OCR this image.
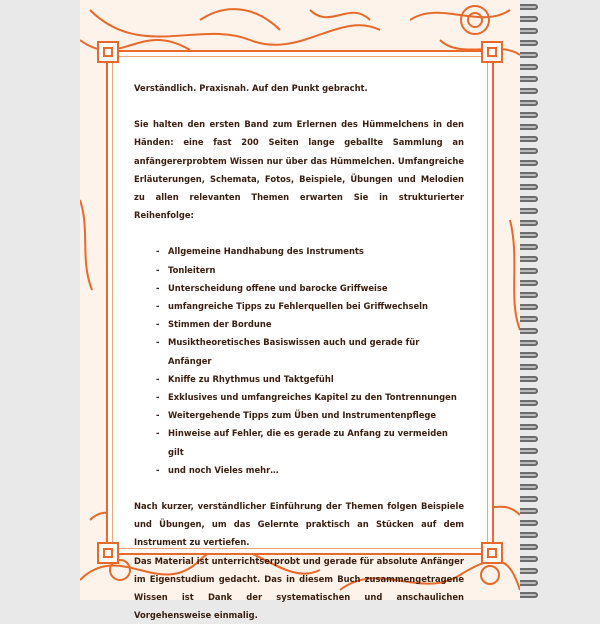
Verständlich. Praxisnah. Auf den Punkt gebracht.

Sie halten den ersten Band zum Erlernen des Hümmelchens in den Händen: eine fast 200 Seiten lange geballte Sammlung an anfängererprobtem Wissen nur über das Hümmelchen. Umfangreiche Erläuterungen, Schemata, Fotos, Beispiele, Übungen und Melodien zu allen relevanten Themen erwarten Sie in strukturierter Reihenfolge:

- Allgemeine Handhabung des Instruments
- Tonleitern
- Unterscheidung offene und barocke Griffweise
- umfangreiche Tipps zu Fehlerquellen bei Griffwechseln
- Stimmen der Bordune
- Musiktheoretisches Basiswissen auch und gerade für Anfänger
- Kniffe zu Rhythmus und Taktgefühl
- Exklusives und umfangreiches Kapitel zu den Tontrennungen
- Weitergehende Tipps zum Üben und Instrumentenpflege
- Hinweise auf Fehler, die es gerade zu Anfang zu vermeiden gilt
- und noch Vieles mehr…

Nach kurzer, verständlicher Einführung der Themen folgen Beispiele und Übungen, um das Gelernte praktisch an Stücken auf dem Instrument zu vertiefen.

Das Material ist unterrichtserprobt und gerade für absolute Anfänger im Eigenstudium gedacht. Das in diesem Buch zusammengetragene Wissen ist Dank der systematischen und anschaulichen Vorgehensweise einmalig.
